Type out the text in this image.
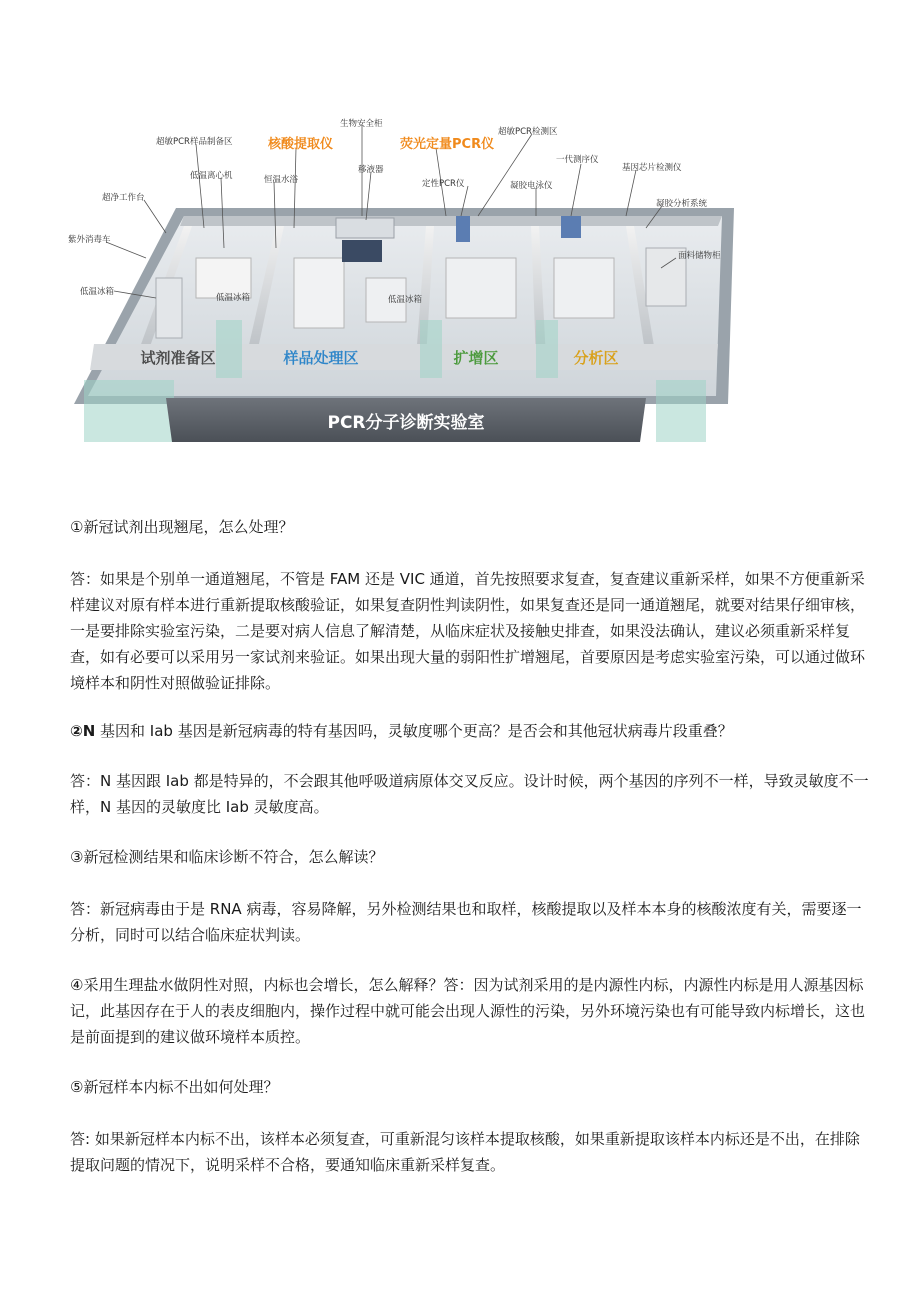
PCR分子诊断实验室
试剂准备区	样品处理区	扩增区	分析区
超敏PCR样品制备区	核酸提取仪
生物安全柜
荧光定量PCR仪
超敏PCR检测区
低温离心机	恒温水浴
移液器
一代测序仪
基因芯片检测仪
超净工作台
定性PCR仪	凝胶电泳仪
凝胶分析系统
紫外消毒车
面料储物柜
低温冰箱
低温冰箱	低温冰箱

①新冠试剂出现翘尾，怎么处理？

答：如果是个别单一通道翘尾，不管是 FAM 还是 VIC 通道，首先按照要求复查，复查建议重新采样，如果不方便重新采样建议对原有样本进行重新提取核酸验证，如果复查阴性判读阴性，如果复查还是同一通道翘尾，就要对结果仔细审核，一是要排除实验室污染，二是要对病人信息了解清楚，从临床症状及接触史排查，如果没法确认，建议必须重新采样复查，如有必要可以采用另一家试剂来验证。如果出现大量的弱阳性扩增翘尾，首要原因是考虑实验室污染，可以通过做环境样本和阴性对照做验证排除。

②N 基因和 Iab 基因是新冠病毒的特有基因吗，灵敏度哪个更高？是否会和其他冠状病毒片段重叠？

答：N 基因跟 Iab 都是特异的，不会跟其他呼吸道病原体交叉反应。设计时候，两个基因的序列不一样，导致灵敏度不一样，N 基因的灵敏度比 Iab 灵敏度高。

③新冠检测结果和临床诊断不符合，怎么解读？

答：新冠病毒由于是 RNA 病毒，容易降解，另外检测结果也和取样，核酸提取以及样本本身的核酸浓度有关，需要逐一分析，同时可以结合临床症状判读。

④采用生理盐水做阴性对照，内标也会增长，怎么解释？答：因为试剂采用的是内源性内标，内源性内标是用人源基因标记，此基因存在于人的表皮细胞内，操作过程中就可能会出现人源性的污染，另外环境污染也有可能导致内标增长，这也是前面提到的建议做环境样本质控。

⑤新冠样本内标不出如何处理？

答: 如果新冠样本内标不出，该样本必须复查，可重新混匀该样本提取核酸，如果重新提取该样本内标还是不出，在排除提取问题的情况下，说明采样不合格，要通知临床重新采样复查。
